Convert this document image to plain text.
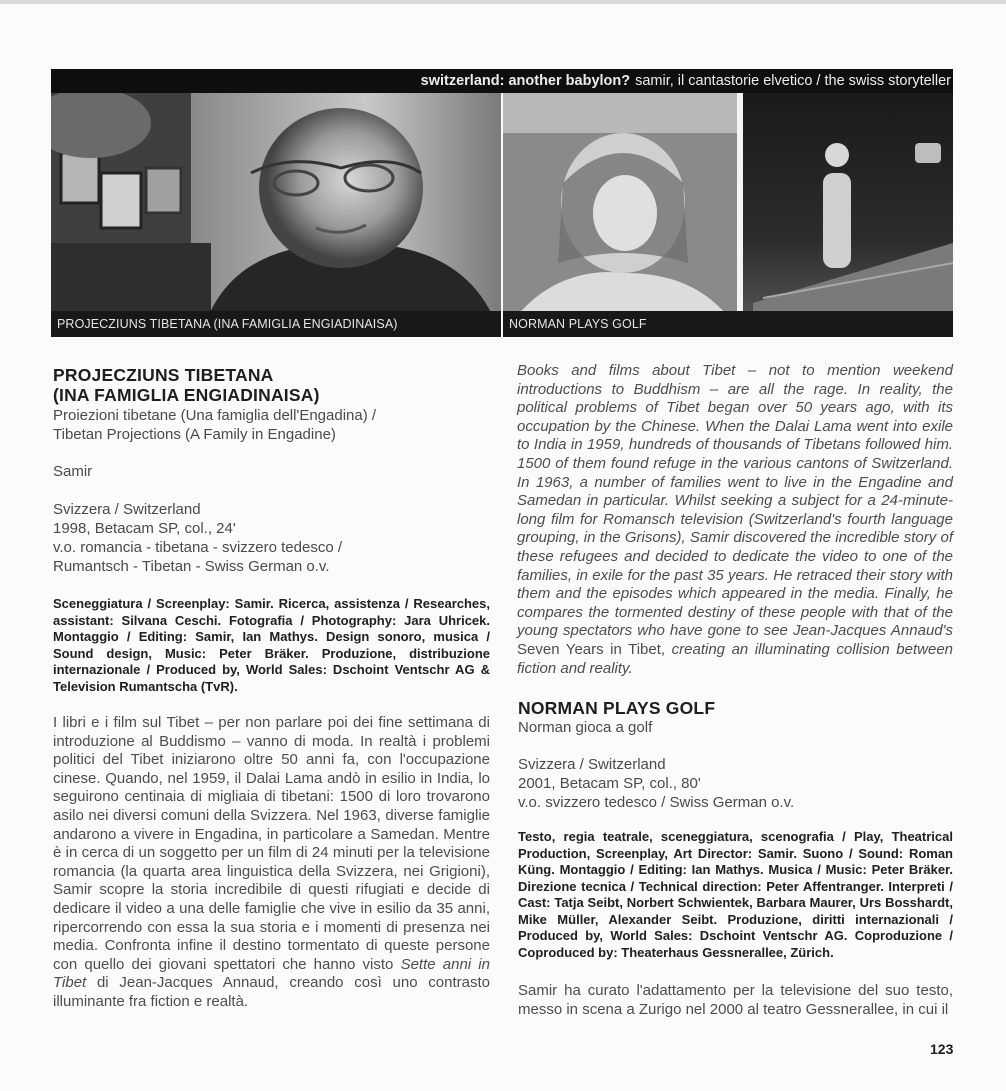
switzerland: another babylon? samir, il cantastorie elvetico / the swiss storyteller
PROJECZIUNS TIBETANA (INA FAMIGLIA ENGIADINAISA)	NORMAN PLAYS GOLF
PROJECZIUNS TIBETANA
(INA FAMIGLIA ENGIADINAISA)
Proiezioni tibetane (Una famiglia dell'Engadina) /
Tibetan Projections (A Family in Engadine)
Samir
Svizzera / Switzerland
1998, Betacam SP, col., 24'
v.o. romancia - tibetana - svizzero tedesco /
Rumantsch - Tibetan - Swiss German o.v.
Sceneggiatura / Screenplay: Samir. Ricerca, assistenza / Researches, assistant: Silvana Ceschi. Fotografia / Photography: Jara Uhricek. Montaggio / Editing: Samir, Ian Mathys. Design sonoro, musica / Sound design, Music: Peter Bräker. Produzione, distribuzione internazionale / Produced by, World Sales: Dschoint Ventschr AG & Television Rumantscha (TvR).
I libri e i film sul Tibet – per non parlare poi dei fine settimana di introduzione al Buddismo – vanno di moda. In realtà i problemi politici del Tibet iniziarono oltre 50 anni fa, con l'occupazione cinese. Quando, nel 1959, il Dalai Lama andò in esilio in India, lo seguirono centinaia di migliaia di tibetani: 1500 di loro trovarono asilo nei diversi comuni della Svizzera. Nel 1963, diverse famiglie andarono a vivere in Engadina, in particolare a Samedan. Mentre è in cerca di un soggetto per un film di 24 minuti per la televisione romancia (la quarta area linguistica della Svizzera, nei Grigioni), Samir scopre la storia incredibile di questi rifugiati e decide di dedicare il video a una delle famiglie che vive in esilio da 35 anni, ripercorrendo con essa la sua storia e i momenti di presenza nei media. Confronta infine il destino tormentato di queste persone con quello dei giovani spettatori che hanno visto Sette anni in Tibet di Jean-Jacques Annaud, creando così uno contrasto illuminante fra fiction e realtà.
Books and films about Tibet – not to mention weekend introductions to Buddhism – are all the rage. In reality, the political problems of Tibet began over 50 years ago, with its occupation by the Chinese. When the Dalai Lama went into exile to India in 1959, hundreds of thousands of Tibetans followed him. 1500 of them found refuge in the various cantons of Switzerland. In 1963, a number of families went to live in the Engadine and Samedan in particular. Whilst seeking a subject for a 24-minute-long film for Romansch television (Switzerland's fourth language grouping, in the Grisons), Samir discovered the incredible story of these refugees and decided to dedicate the video to one of the families, in exile for the past 35 years. He retraced their story with them and the episodes which appeared in the media. Finally, he compares the tormented destiny of these people with that of the young spectators who have gone to see Jean-Jacques Annaud's Seven Years in Tibet, creating an illuminating collision between fiction and reality.
NORMAN PLAYS GOLF
Norman gioca a golf
Svizzera / Switzerland
2001, Betacam SP, col., 80'
v.o. svizzero tedesco / Swiss German o.v.
Testo, regia teatrale, sceneggiatura, scenografia / Play, Theatrical Production, Screenplay, Art Director: Samir. Suono / Sound: Roman Küng. Montaggio / Editing: Ian Mathys. Musica / Music: Peter Bräker. Direzione tecnica / Technical direction: Peter Affentranger. Interpreti / Cast: Tatja Seibt, Norbert Schwientek, Barbara Maurer, Urs Bosshardt, Mike Müller, Alexander Seibt. Produzione, diritti internazionali / Produced by, World Sales: Dschoint Ventschr AG. Coproduzione / Coproduced by: Theaterhaus Gessnerallee, Zürich.
Samir ha curato l'adattamento per la televisione del suo testo, messo in scena a Zurigo nel 2000 al teatro Gessnerallee, in cui il
123
